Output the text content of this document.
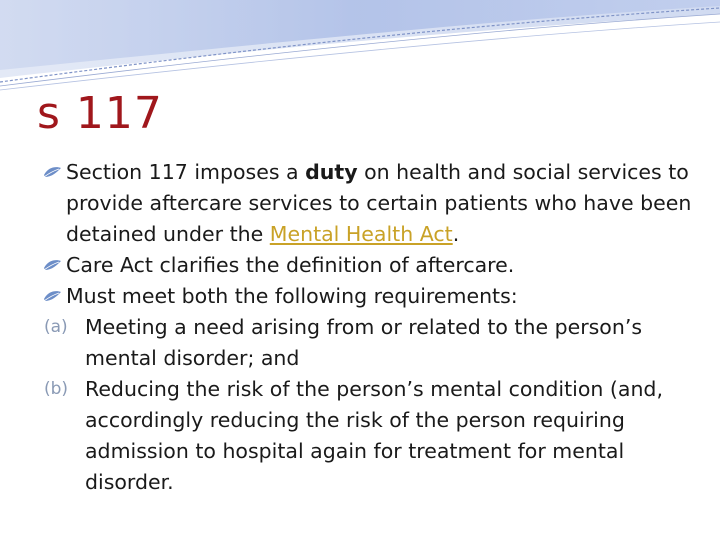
s 117
Section 117 imposes a duty on health and social services to provide aftercare services to certain patients who have been detained under the Mental Health Act.
Care Act clarifies the definition of aftercare.
Must meet both the following requirements:
(a) Meeting a need arising from or related to the person’s mental disorder; and
(b) Reducing the risk of the person’s mental condition (and, accordingly reducing the risk of the person requiring admission to hospital again for treatment for mental disorder.
